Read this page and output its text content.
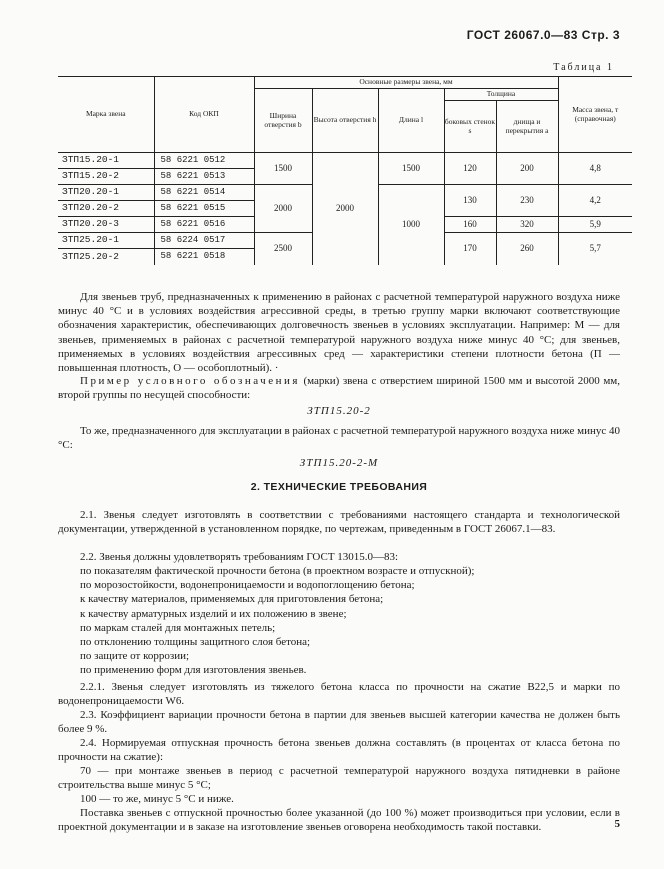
ГОСТ 26067.0—83 Стр. 3
Таблица 1
Марка звена	Код ОКП	Основные размеры звена, мм					Масса звена, т (справочная)
		Ширина отверстия b	Высота отверстия h	Длина l	Толщина		
					боковых стенок s	днища и перекрытия a	
ЗТП15.20-1	58 6221 0512	1500	2000	1500	120	200	4,8
ЗТП15.20-2	58 6221 0513						
ЗТП20.20-1	58 6221 0514	2000		1000	130	230	4,2
ЗТП20.20-2	58 6221 0515						
ЗТП20.20-3	58 6221 0516				160	320	5,9
ЗТП25.20-1	58 6224 0517	2500			170	260	5,7
ЗТП25.20-2	58 6221 0518						

Для звеньев труб, предназначенных к применению в районах с расчетной температурой наружного воздуха ниже минус 40 °С и в условиях воздействия агрессивной среды, в третью группу марки включают соответствующие обозначения характеристик, обеспечивающих долговечность звеньев в условиях эксплуатации. Например: М — для звеньев, применяемых в районах с расчетной температурой наружного воздуха ниже минус 40 °С; для звеньев, применяемых в условиях воздействия агрессивных сред — характеристики степени плотности бетона (П — повышенная плотность, О — особоплотный). ·

Пример условного обозначения (марки) звена с отверстием шириной 1500 мм и высотой 2000 мм, второй группы по несущей способности:

ЗТП15.20-2

То же, предназначенного для эксплуатации в районах с расчетной температурой наружного воздуха ниже минус 40 °С:

ЗТП15.20-2-М

2. ТЕХНИЧЕСКИЕ ТРЕБОВАНИЯ

2.1. Звенья следует изготовлять в соответствии с требованиями настоящего стандарта и технологической документации, утвержденной в установленном порядке, по чертежам, приведенным в ГОСТ 26067.1—83.

2.2. Звенья должны удовлетворять требованиям ГОСТ 13015.0—83:

по показателям фактической прочности бетона (в проектном возрасте и отпускной);
по морозостойкости, водонепроницаемости и водопоглощению бетона;
к качеству материалов, применяемых для приготовления бетона;
к качеству арматурных изделий и их положению в звене;
по маркам сталей для монтажных петель;
по отклонению толщины защитного слоя бетона;
по защите от коррозии;
по применению форм для изготовления звеньев.

2.2.1. Звенья следует изготовлять из тяжелого бетона класса по прочности на сжатие В22,5 и марки по водонепроницаемости W6.

2.3. Коэффициент вариации прочности бетона в партии для звеньев высшей категории качества не должен быть более 9 %.

2.4. Нормируемая отпускная прочность бетона звеньев должна составлять (в процентах от класса бетона по прочности на сжатие):

70 — при монтаже звеньев в период с расчетной температурой наружного воздуха пятидневки в районе строительства выше минус 5 °С;

100 — то же, минус 5 °С и ниже.

Поставка звеньев с отпускной прочностью более указанной (до 100 %) может производиться при условии, если в проектной документации и в заказе на изготовление звеньев оговорена необходимость такой поставки.	5
